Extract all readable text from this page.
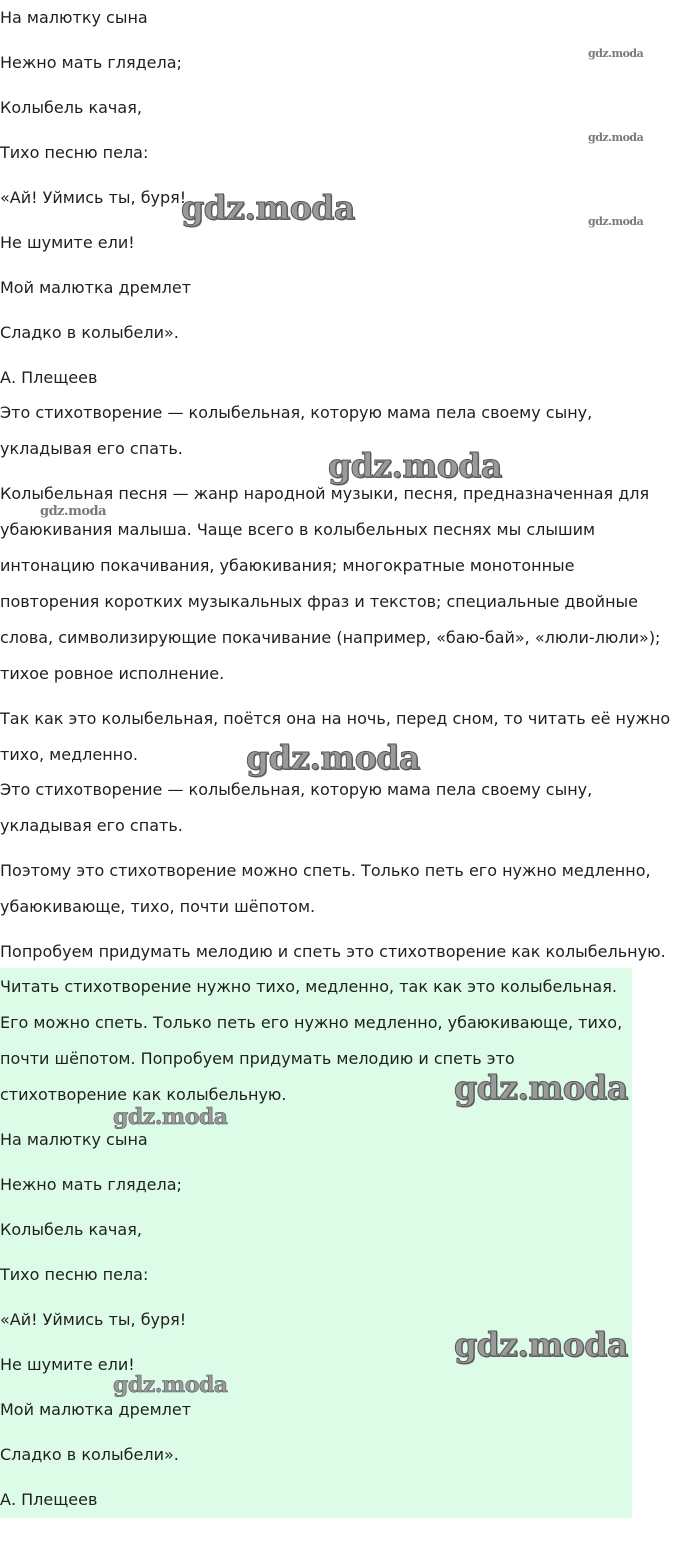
На малютку сына
Нежно мать глядела;
Колыбель качая,
Тихо песню пела:
«Ай! Уймись ты, буря!
Не шумите ели!
Мой малютка дремлет
Сладко в колыбели».
А. Плещеев
Это стихотворение — колыбельная, которую мама пела своему сыну,
укладывая его спать.
Колыбельная песня — жанр народной музыки, песня, предназначенная для
убаюкивания малыша. Чаще всего в колыбельных песнях мы слышим
интонацию покачивания, убаюкивания; многократные монотонные
повторения коротких музыкальных фраз и текстов; специальные двойные
слова, символизирующие покачивание (например, «баю-бай», «люли-люли»);
тихое ровное исполнение.
Так как это колыбельная, поётся она на ночь, перед сном, то читать её нужно
тихо, медленно.
Это стихотворение — колыбельная, которую мама пела своему сыну,
укладывая его спать.
Поэтому это стихотворение можно спеть. Только петь его нужно медленно,
убаюкивающе, тихо, почти шёпотом.
Попробуем придумать мелодию и спеть это стихотворение как колыбельную.
Читать стихотворение нужно тихо, медленно, так как это колыбельная.
Его можно спеть. Только петь его нужно медленно, убаюкивающе, тихо,
почти шёпотом. Попробуем придумать мелодию и спеть это
стихотворение как колыбельную.
На малютку сына
Нежно мать глядела;
Колыбель качая,
Тихо песню пела:
«Ай! Уймись ты, буря!
Не шумите ели!
Мой малютка дремлет
Сладко в колыбели».
А. Плещеев
gdz.moda
gdz.moda
gdz.moda
gdz.moda
gdz.moda
gdz.moda
gdz.moda
gdz.moda
gdz.moda
gdz.moda
gdz.moda
